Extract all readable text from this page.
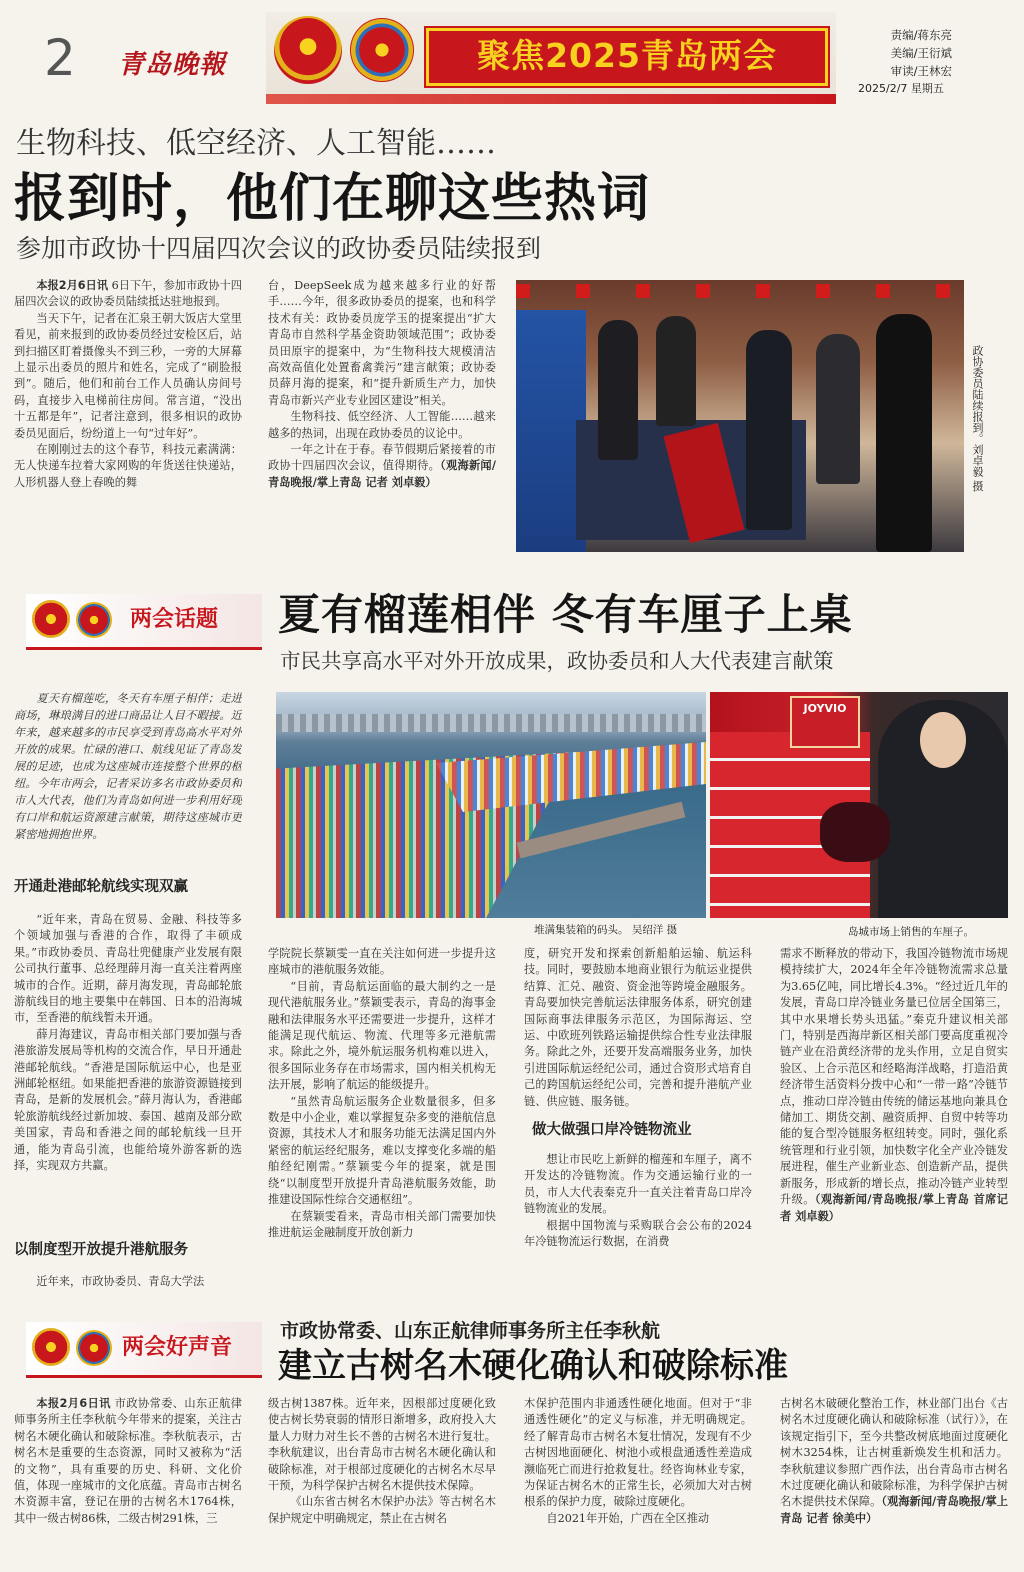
2 青岛晚報	聚焦2025青岛两会
责编/蒋东亮
美编/王衍斌
审读/王林宏
2025/2/7 星期五
生物科技、低空经济、人工智能……
报到时，他们在聊这些热词
参加市政协十四届四次会议的政协委员陆续报到

本报2月6日讯 6日下午，参加市政协十四届四次会议的政协委员陆续抵达驻地报到。

当天下午，记者在汇泉王朝大饭店大堂里看见，前来报到的政协委员经过安检区后，站到扫描区盯着摄像头不到三秒，一旁的大屏幕上显示出委员的照片和姓名，完成了“刷脸报到”。随后，他们和前台工作人员确认房间号码，直接步入电梯前往房间。常言道，“没出十五都是年”，记者注意到，很多相识的政协委员见面后，纷纷道上一句“过年好”。

在刚刚过去的这个春节，科技元素满满：无人快递车拉着大家网购的年货送往快递站，人形机器人登上春晚的舞

台，DeepSeek成为越来越多行业的好帮手……今年，很多政协委员的提案，也和科学技术有关：政协委员庞学玉的提案提出“扩大青岛市自然科学基金资助领域范围”；政协委员田原宇的提案中，为“生物科技大规模清洁高效高值化处置畜禽粪污”建言献策；政协委员薛月海的提案，和“提升新质生产力，加快青岛市新兴产业专业园区建设”相关。

生物科技、低空经济、人工智能……越来越多的热词，出现在政协委员的议论中。

一年之计在于春。春节假期后紧接着的市政协十四届四次会议，值得期待。（观海新闻/青岛晚报/掌上青岛 记者 刘卓毅）	政协委员陆续报到。刘卓毅 摄
两会话题 夏有榴莲相伴 冬有车厘子上桌
市民共享高水平对外开放成果，政协委员和人大代表建言献策

夏天有榴莲吃，冬天有车厘子相伴；走进商场，琳琅满目的进口商品让人目不暇接。近年来，越来越多的市民享受到青岛高水平对外开放的成果。忙碌的港口、航线见证了青岛发展的足迹，也成为这座城市连接整个世界的枢纽。今年市两会，记者采访多名市政协委员和市人大代表，他们为青岛如何进一步利用好现有口岸和航运资源建言献策，期待这座城市更紧密地拥抱世界。

开通赴港邮轮航线实现双赢

“近年来，青岛在贸易、金融、科技等多个领域加强与香港的合作，取得了丰硕成果。”市政协委员、青岛壮兜健康产业发展有限公司执行董事、总经理薛月海一直关注着两座城市的合作。近期，薛月海发现，青岛邮轮旅游航线目的地主要集中在韩国、日本的沿海城市，至香港的航线暂未开通。

薛月海建议，青岛市相关部门要加强与香港旅游发展局等机构的交流合作，早日开通赴港邮轮航线。“香港是国际航运中心，也是亚洲邮轮枢纽。如果能把香港的旅游资源链接到青岛，是新的发展机会。”薛月海认为，香港邮轮旅游航线经过新加坡、泰国、越南及部分欧美国家，青岛和香港之间的邮轮航线一旦开通，能为青岛引流，也能给境外游客新的选择，实现双方共赢。

以制度型开放提升港航服务

近年来，市政协委员、青岛大学法

堆满集装箱的码头。 吴绍洋 摄
JOYVIO
岛城市场上销售的车厘子。

学院院长蔡颖雯一直在关注如何进一步提升这座城市的港航服务效能。

“目前，青岛航运面临的最大制约之一是现代港航服务业。”蔡颖雯表示，青岛的海事金融和法律服务水平还需要进一步提升，这样才能满足现代航运、物流、代理等多元港航需求。除此之外，境外航运服务机构难以进入，很多国际业务存在市场需求，国内相关机构无法开展，影响了航运的能级提升。

“虽然青岛航运服务企业数量很多，但多数是中小企业，难以掌握复杂多变的港航信息资源，其技术人才和服务功能无法满足国内外紧密的航运经纪服务，难以支撑变化多端的船舶经纪刚需。”蔡颖雯今年的提案，就是围绕“以制度型开放提升青岛港航服务效能，助推建设国际性综合交通枢纽”。

在蔡颖雯看来，青岛市相关部门需要加快推进航运金融制度开放创新力

度，研究开发和探索创新船舶运输、航运科技。同时，要鼓励本地商业银行为航运业提供结算、汇兑、融资、资金池等跨境金融服务。青岛要加快完善航运法律服务体系，研究创建国际商事法律服务示范区，为国际海运、空运、中欧班列铁路运输提供综合性专业法律服务。除此之外，还要开发高端服务业务，加快引进国际航运经纪公司，通过合资形式培育自己的跨国航运经纪公司，完善和提升港航产业链、供应链、服务链。

做大做强口岸冷链物流业

想让市民吃上新鲜的榴莲和车厘子，离不开发达的冷链物流。作为交通运输行业的一员，市人大代表秦克升一直关注着青岛口岸冷链物流业的发展。

根据中国物流与采购联合会公布的2024年冷链物流运行数据，在消费

需求不断释放的带动下，我国冷链物流市场规模持续扩大，2024年全年冷链物流需求总量为3.65亿吨，同比增长4.3%。“经过近几年的发展，青岛口岸冷链业务量已位居全国第三，其中水果增长势头迅猛。”秦克升建议相关部门，特别是西海岸新区相关部门要高度重视冷链产业在沿黄经济带的龙头作用，立足自贸实验区、上合示范区和经略海洋战略，打造沿黄经济带生活资料分拨中心和“一带一路”冷链节点，推动口岸冷链由传统的储运基地向兼具仓储加工、期货交割、融资质押、自贸中转等功能的复合型冷链服务枢纽转变。同时，强化系统管理和行业引领，加快数字化全产业冷链发展进程，催生产业新业态、创造新产品，提供新服务，形成新的增长点，推动冷链产业转型升级。（观海新闻/青岛晚报/掌上青岛 首席记者 刘卓毅）

两会好声音
市政协常委、山东正航律师事务所主任李秋航
建立古树名木硬化确认和破除标准

本报2月6日讯 市政协常委、山东正航律师事务所主任李秋航今年带来的提案，关注古树名木硬化确认和破除标准。李秋航表示，古树名木是重要的生态资源，同时又被称为“活的文物”，具有重要的历史、科研、文化价值，体现一座城市的文化底蕴。青岛市古树名木资源丰富，登记在册的古树名木1764株，其中一级古树86株，二级古树291株，三

级古树1387株。近年来，因根部过度硬化致使古树长势衰弱的情形日渐增多，政府投入大量人力财力对生长不善的古树名木进行复壮。李秋航建议，出台青岛市古树名木硬化确认和破除标准，对于根部过度硬化的古树名木尽早干预，为科学保护古树名木提供技术保障。

《山东省古树名木保护办法》等古树名木保护规定中明确规定，禁止在古树名

木保护范围内非通透性硬化地面。但对于“非通透性硬化”的定义与标准，并无明确规定。经了解青岛市古树名木复壮情况，发现有不少古树因地面硬化、树池小或根盘通透性差造成濒临死亡而进行抢救复壮。经咨询林业专家，为保证古树名木的正常生长，必须加大对古树根系的保护力度，破除过度硬化。

自2021年开始，广西在全区推动

古树名木破硬化整治工作，林业部门出台《古树名木过度硬化确认和破除标准（试行）》，在该规定指引下，至今共整改树底地面过度硬化树木3254株，让古树重新焕发生机和活力。李秋航建议参照广西作法，出台青岛市古树名木过度硬化确认和破除标准，为科学保护古树名木提供技术保障。（观海新闻/青岛晚报/掌上青岛 记者 徐美中）
